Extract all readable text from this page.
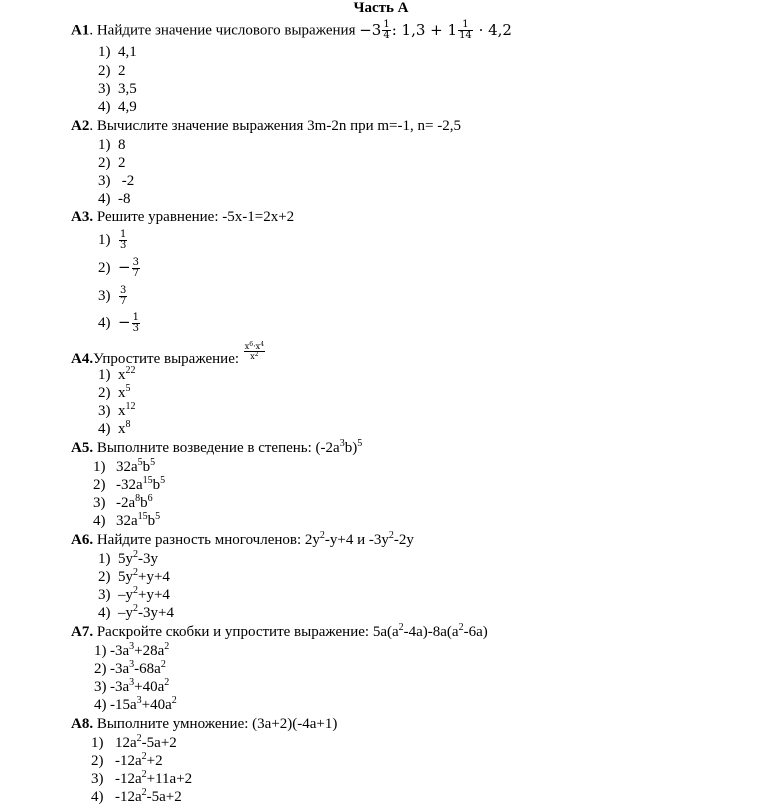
Часть А
А1. Найдите значение числового выражения $-3 \frac{1}{4}$ : $1,3 + 1 \frac{1}{14} \cdot 4,2$
1) 4,1
2) 2
3) 3,5
4) 4,9
А2. Вычислите значение выражения 3m-2n при m=-1, n= -2,5
1) 8
2) 2
3) -2
4) -8
А3. Решите уравнение: -5x-1=2x+2
$1) \frac{1}{3}$
$2) - \frac{3}{7}$
$3) \frac{3}{7}$
$4) - \frac{1}{3}$
А4.Упростите выражение: $\frac{x^6\cdot x^4}{x^2}$
1) $x^{22}$
2) $x^5$
3) $x^{12}$
4) $x^8$
А5. Выполните возведение в степень: $(-2a^3b)^5$
1) $32a^5b^5$
2) $-32a^{15}b^5$
3) $-2a^8b^6$
4) $32a^{15}b^5$
А6. Найдите разность многочленов: $2y^2-y+4$ и $-3y^2-2y$
1) $5y^2-3y$
2) $5y^2+y+4$
3) $-y^2+y+4$
4) $-y^2-3y+4$
А7. Раскройте скобки и упростите выражение: $5a(a^2-4a)-8a(a^2-6a)$
1) $-3a^3+28a^2$
2) $-3a^3-68a^2$
3) $-3a^3+40a^2$
4) $-15a^3+40a^2$
А8. Выполните умножение: (3a+2)(-4a+1)
1) $12a^2-5a+2$
2) $-12a^2+2$
3) $-12a^2+11a+2$
4) $-12a^2-5a+2$
